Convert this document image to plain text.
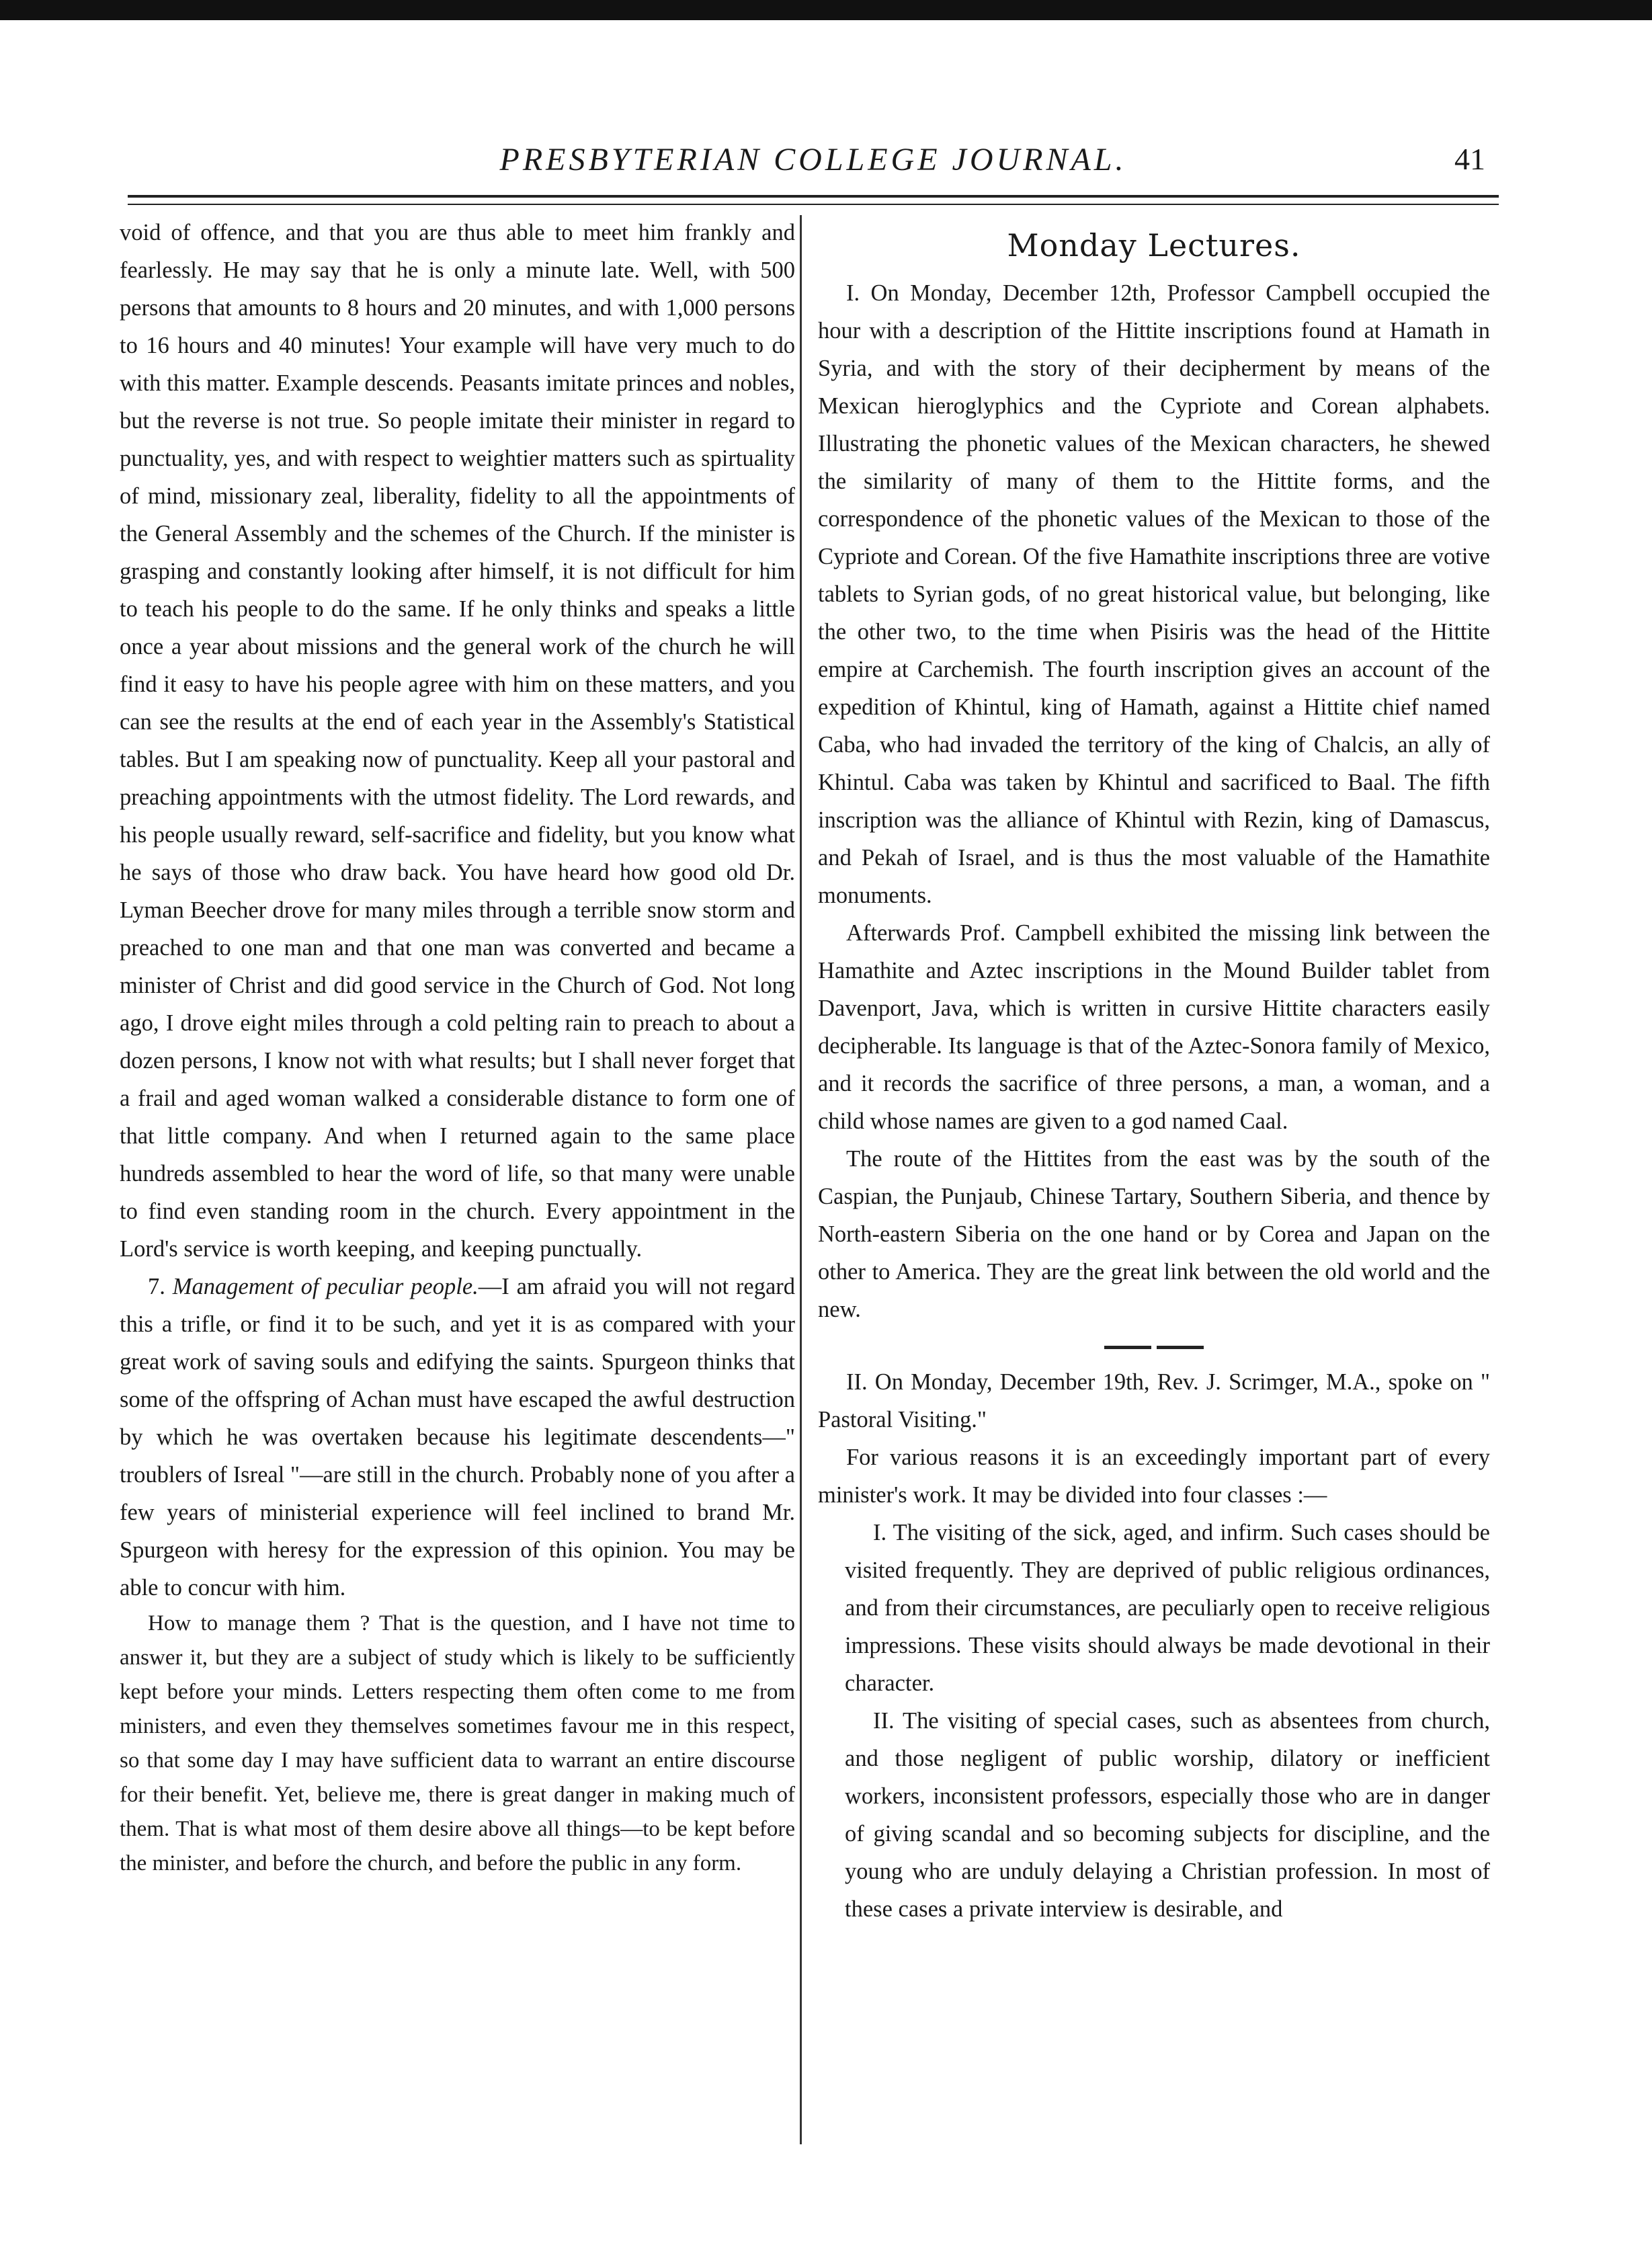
PRESBYTERIAN COLLEGE JOURNAL.	41

void of offence, and that you are thus able to meet him frankly and fearlessly. He may say that he is only a minute late. Well, with 500 persons that amounts to 8 hours and 20 minutes, and with 1,000 persons to 16 hours and 40 minutes! Your example will have very much to do with this matter. Example descends. Peasants imitate princes and nobles, but the reverse is not true. So people imitate their minister in regard to punctuality, yes, and with respect to weightier matters such as spirtuality of mind, missionary zeal, liberality, fidelity to all the appointments of the General Assembly and the schemes of the Church. If the minister is grasping and constantly looking after himself, it is not difficult for him to teach his people to do the same. If he only thinks and speaks a little once a year about missions and the general work of the church he will find it easy to have his people agree with him on these matters, and you can see the results at the end of each year in the Assembly's Statistical tables. But I am speaking now of punctuality. Keep all your pastoral and preaching appointments with the utmost fidelity. The Lord rewards, and his people usually reward, self-sacrifice and fidelity, but you know what he says of those who draw back. You have heard how good old Dr. Lyman Beecher drove for many miles through a terrible snow storm and preached to one man and that one man was converted and became a minister of Christ and did good service in the Church of God. Not long ago, I drove eight miles through a cold pelting rain to preach to about a dozen persons, I know not with what results; but I shall never forget that a frail and aged woman walked a considerable distance to form one of that little company. And when I returned again to the same place hundreds assembled to hear the word of life, so that many were unable to find even standing room in the church. Every appointment in the Lord's service is worth keeping, and keeping punctually.

7. Management of peculiar people.—I am afraid you will not regard this a trifle, or find it to be such, and yet it is as compared with your great work of saving souls and edifying the saints. Spurgeon thinks that some of the offspring of Achan must have escaped the awful destruction by which he was overtaken because his legitimate descendents—" troublers of Isreal "—are still in the church. Probably none of you after a few years of ministerial experience will feel inclined to brand Mr. Spurgeon with heresy for the expression of this opinion. You may be able to concur with him.

How to manage them ? That is the question, and I have not time to answer it, but they are a subject of study which is likely to be sufficiently kept before your minds. Letters respecting them often come to me from ministers, and even they themselves sometimes favour me in this respect, so that some day I may have sufficient data to warrant an entire discourse for their benefit. Yet, believe me, there is great danger in making much of them. That is what most of them desire above all things—to be kept before the minister, and before the church, and before the public in any form.

Monday Lectures.

I. On Monday, December 12th, Professor Campbell occupied the hour with a description of the Hittite inscriptions found at Hamath in Syria, and with the story of their decipherment by means of the Mexican hieroglyphics and the Cypriote and Corean alphabets. Illustrating the phonetic values of the Mexican characters, he shewed the similarity of many of them to the Hittite forms, and the correspondence of the phonetic values of the Mexican to those of the Cypriote and Corean. Of the five Hamathite inscriptions three are votive tablets to Syrian gods, of no great historical value, but belonging, like the other two, to the time when Pisiris was the head of the Hittite empire at Carchemish. The fourth inscription gives an account of the expedition of Khintul, king of Hamath, against a Hittite chief named Caba, who had invaded the territory of the king of Chalcis, an ally of Khintul. Caba was taken by Khintul and sacrificed to Baal. The fifth inscription was the alliance of Khintul with Rezin, king of Damascus, and Pekah of Israel, and is thus the most valuable of the Hamathite monuments.

Afterwards Prof. Campbell exhibited the missing link between the Hamathite and Aztec inscriptions in the Mound Builder tablet from Davenport, Java, which is written in cursive Hittite characters easily decipherable. Its language is that of the Aztec-Sonora family of Mexico, and it records the sacrifice of three persons, a man, a woman, and a child whose names are given to a god named Caal.

The route of the Hittites from the east was by the south of the Caspian, the Punjaub, Chinese Tartary, Southern Siberia, and thence by North-eastern Siberia on the one hand or by Corea and Japan on the other to America. They are the great link between the old world and the new.

II. On Monday, December 19th, Rev. J. Scrimger, M.A., spoke on " Pastoral Visiting."

For various reasons it is an exceedingly important part of every minister's work. It may be divided into four classes :—

I. The visiting of the sick, aged, and infirm. Such cases should be visited frequently. They are deprived of public religious ordinances, and from their circumstances, are peculiarly open to receive religious impressions. These visits should always be made devotional in their character.

II. The visiting of special cases, such as absentees from church, and those negligent of public worship, dilatory or inefficient workers, inconsistent professors, especially those who are in danger of giving scandal and so becoming subjects for discipline, and the young who are unduly delaying a Christian profession. In most of these cases a private interview is desirable, and
